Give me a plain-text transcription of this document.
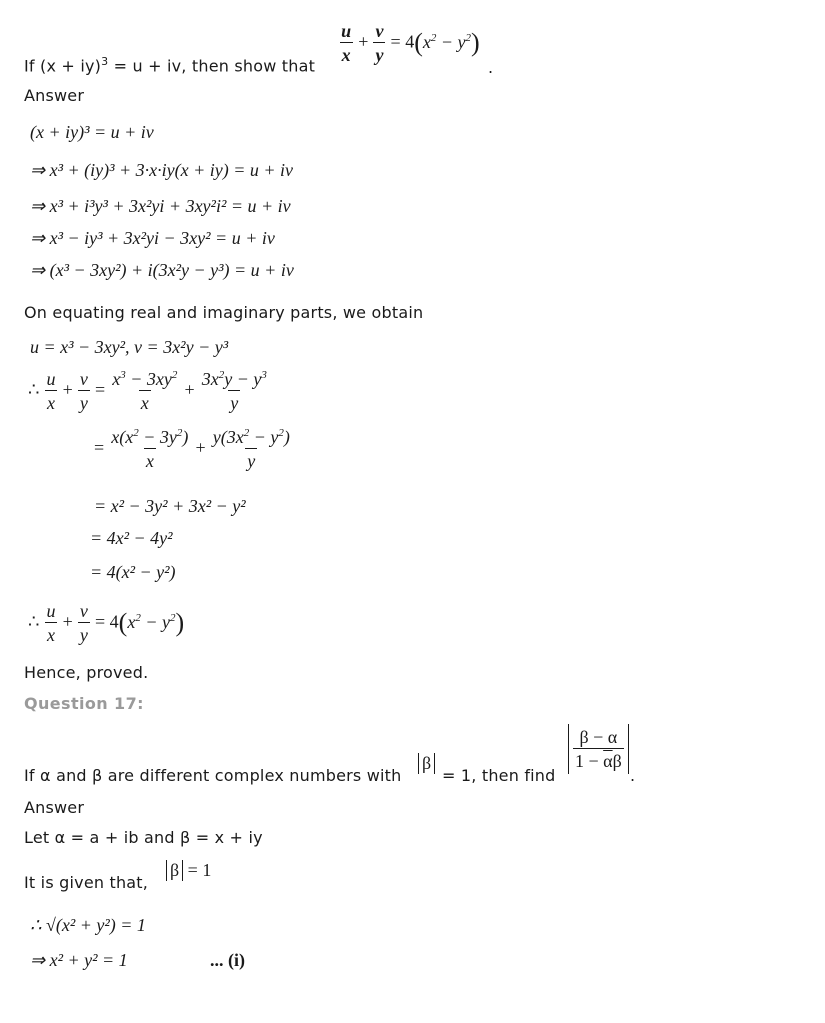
$\frac{u}{x} + \frac{v}{y} = 4(x^2 - y^2)$
If (x + iy)$^3$ = u + iv, then show that	.
Answer
(x + iy)³ = u + iv
⇒ x³ + (iy)³ + 3·x·iy(x + iy) = u + iv
⇒ x³ + i³y³ + 3x²yi + 3xy²i² = u + iv
⇒ x³ − iy³ + 3x²yi − 3xy² = u + iv
⇒ (x³ − 3xy²) + i(3x²y − y³) = u + iv
On equating real and imaginary parts, we obtain
u = x³ − 3xy², v = 3x²y − y³
∴ $\frac{u}{x} + \frac{v}{y} = \frac{x^3 - 3xy^2}{x} + \frac{3x^2y - y^3}{y}$
= $\frac{x(x^2 - 3y^2)}{x} + \frac{y(3x^2 - y^2)}{y}$
= x² − 3y² + 3x² − y²
= 4x² − 4y²
= 4(x² − y²)
∴ $\frac{u}{x} + \frac{v}{y} = 4(x^2 - y^2)$
Hence, proved.
Question 17:
If α and β are different complex numbers with
β
= 1, then find
$\frac{\beta - \alpha}{1 - \overline{\alpha}\beta}$
.
Answer
Let α = a + ib and β = x + iy
It is given that,
β = 1
∴ √(x² + y²) = 1
⇒ x² + y² = 1	... (i)
